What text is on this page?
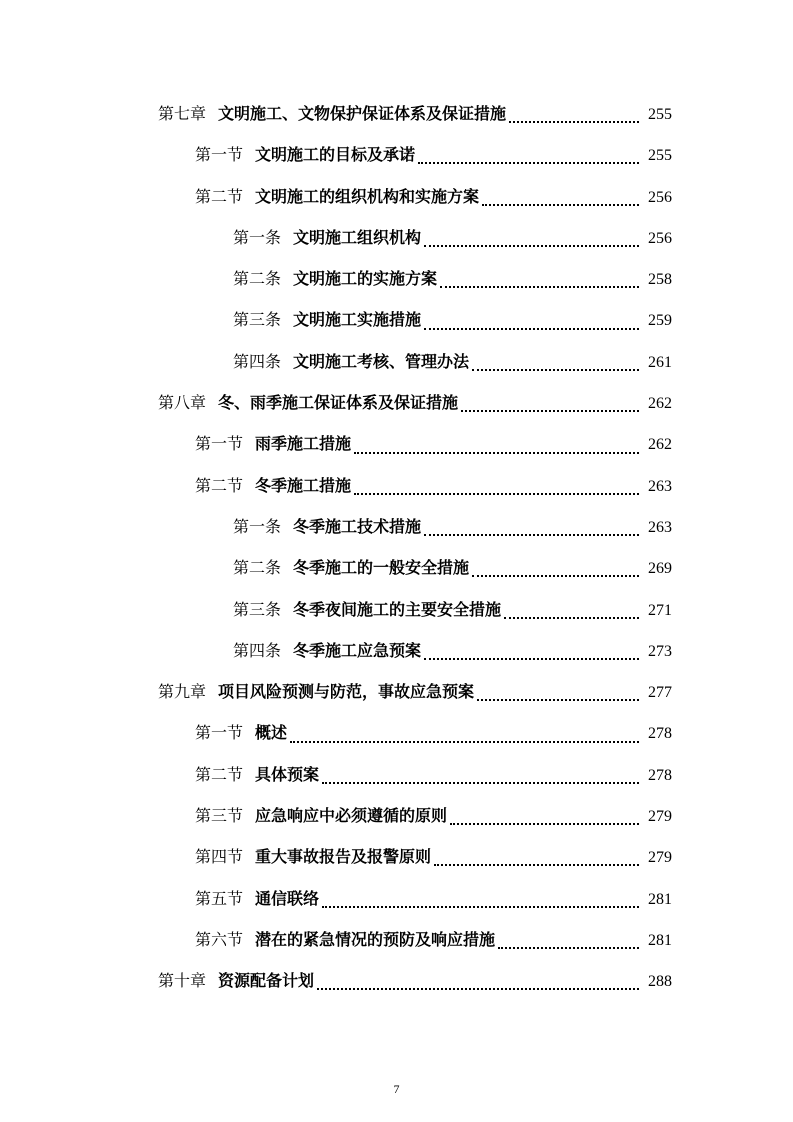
第七章 文明施工、文物保护保证体系及保证措施	255
第一节 文明施工的目标及承诺	255
第二节 文明施工的组织机构和实施方案	256
第一条 文明施工组织机构	256
第二条 文明施工的实施方案	258
第三条 文明施工实施措施	259
第四条 文明施工考核、管理办法	261
第八章 冬、雨季施工保证体系及保证措施	262
第一节 雨季施工措施	262
第二节 冬季施工措施	263
第一条 冬季施工技术措施	263
第二条 冬季施工的一般安全措施	269
第三条 冬季夜间施工的主要安全措施	271
第四条 冬季施工应急预案	273
第九章 项目风险预测与防范，事故应急预案	277
第一节 概述	278
第二节 具体预案	278
第三节 应急响应中必须遵循的原则	279
第四节 重大事故报告及报警原则	279
第五节 通信联络	281
第六节 潜在的紧急情况的预防及响应措施	281
第十章 资源配备计划	288
7
